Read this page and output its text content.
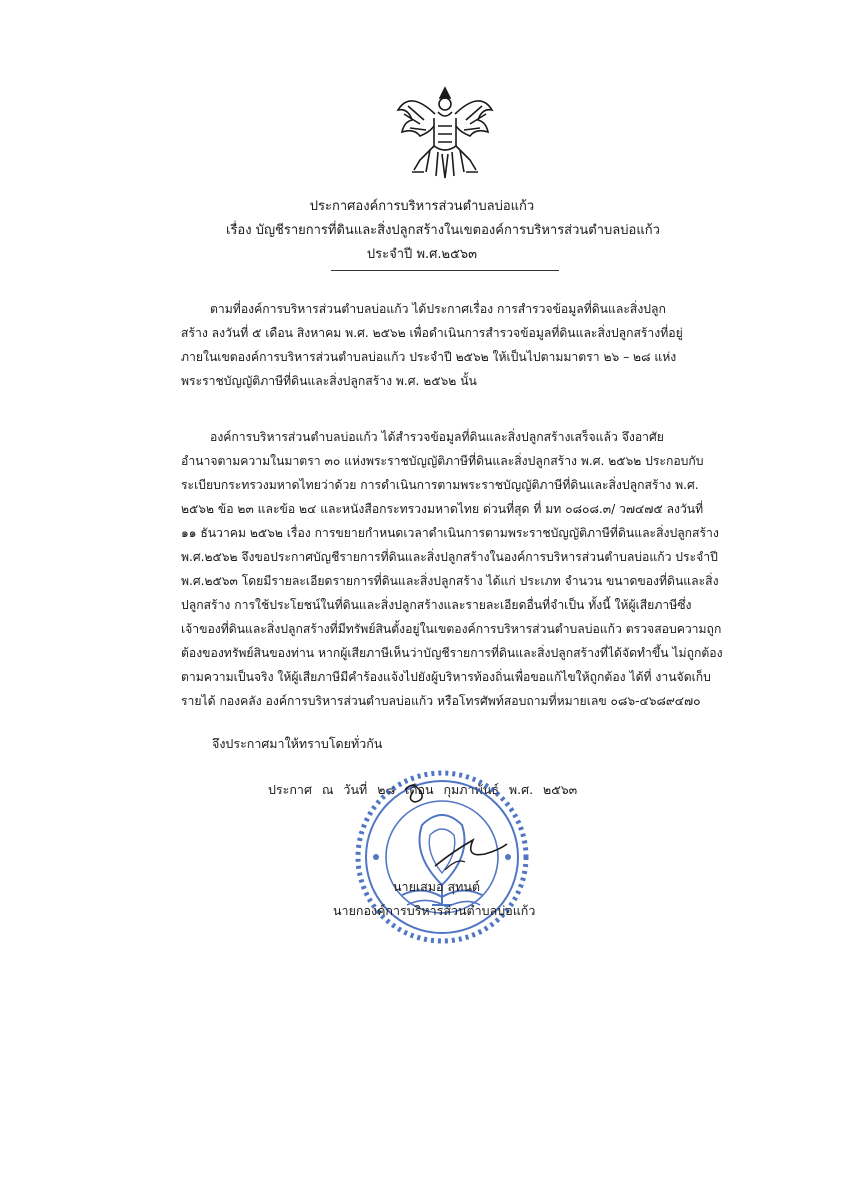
ประกาศองค์การบริหารส่วนตำบลบ่อแก้ว
เรื่อง บัญชีรายการที่ดินและสิ่งปลูกสร้างในเขตองค์การบริหารส่วนตำบลบ่อแก้ว
ประจำปี พ.ศ.๒๕๖๓
ตามที่องค์การบริหารส่วนตำบลบ่อแก้ว ได้ประกาศเรื่อง การสำรวจข้อมูลที่ดินและสิ่งปลูก
สร้าง ลงวันที่ ๕ เดือน สิงหาคม พ.ศ. ๒๕๖๒ เพื่อดำเนินการสำรวจข้อมูลที่ดินและสิ่งปลูกสร้างที่อยู่
ภายในเขตองค์การบริหารส่วนตำบลบ่อแก้ว ประจำปี ๒๕๖๒ ให้เป็นไปตามมาตรา ๒๖ – ๒๘ แห่ง
พระราชบัญญัติภาษีที่ดินและสิ่งปลูกสร้าง พ.ศ. ๒๕๖๒ นั้น
องค์การบริหารส่วนตำบลบ่อแก้ว ได้สำรวจข้อมูลที่ดินและสิ่งปลูกสร้างเสร็จแล้ว จึงอาศัย
อำนาจตามความในมาตรา ๓๐ แห่งพระราชบัญญัติภาษีที่ดินและสิ่งปลูกสร้าง พ.ศ. ๒๕๖๒ ประกอบกับ
ระเบียบกระทรวงมหาดไทยว่าด้วย การดำเนินการตามพระราชบัญญัติภาษีที่ดินและสิ่งปลูกสร้าง พ.ศ.
๒๕๖๒ ข้อ ๒๓ และข้อ ๒๔ และหนังสือกระทรวงมหาดไทย ด่วนที่สุด ที่ มท ๐๘๐๘.๓/ ว๗๔๗๕ ลงวันที่
๑๑ ธันวาคม ๒๕๖๒ เรื่อง การขยายกำหนดเวลาดำเนินการตามพระราชบัญญัติภาษีที่ดินและสิ่งปลูกสร้าง
พ.ศ.๒๕๖๒ จึงขอประกาศบัญชีรายการที่ดินและสิ่งปลูกสร้างในองค์การบริหารส่วนตำบลบ่อแก้ว ประจำปี
พ.ศ.๒๕๖๓ โดยมีรายละเอียดรายการที่ดินและสิ่งปลูกสร้าง ได้แก่ ประเภท จำนวน ขนาดของที่ดินและสิ่ง
ปลูกสร้าง การใช้ประโยชน์ในที่ดินและสิ่งปลูกสร้างและรายละเอียดอื่นที่จำเป็น ทั้งนี้ ให้ผู้เสียภาษีซึ่ง
เจ้าของที่ดินและสิ่งปลูกสร้างที่มีทรัพย์สินตั้งอยู่ในเขตองค์การบริหารส่วนตำบลบ่อแก้ว ตรวจสอบความถูก
ต้องของทรัพย์สินของท่าน หากผู้เสียภาษีเห็นว่าบัญชีรายการที่ดินและสิ่งปลูกสร้างที่ได้จัดทำขึ้น ไม่ถูกต้อง
ตามความเป็นจริง ให้ผู้เสียภาษีมีคำร้องแจ้งไปยังผู้บริหารท้องถิ่นเพื่อขอแก้ไขให้ถูกต้อง ได้ที่ งานจัดเก็บ
รายได้ กองคลัง องค์การบริหารส่วนตำบลบ่อแก้ว หรือโทรศัพท์สอบถามที่หมายเลข ๐๘๖-๔๖๘๙๔๗๐
จึงประกาศมาให้ทราบโดยทั่วกัน
ประกาศ ณ วันที่ ๒๘ เดือน กุมภาพันธ์ พ.ศ. ๒๕๖๓
นายเสมอ สุทนต์
นายกองค์การบริหารส่วนตำบลบ่อแก้ว
